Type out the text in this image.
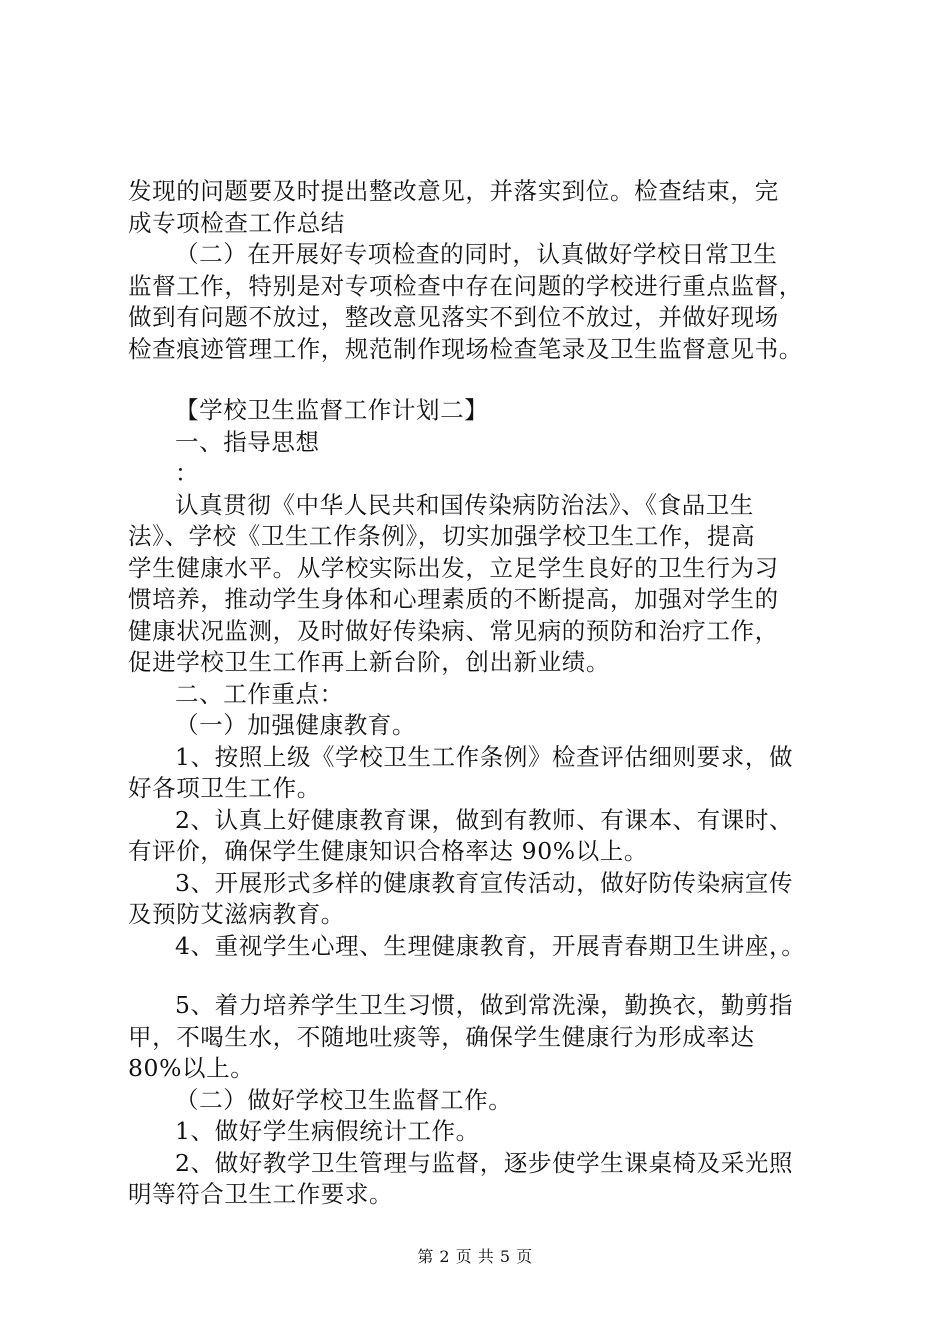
发现的问题要及时提出整改意见，并落实到位。检查结束，完
成专项检查工作总结
（二）在开展好专项检查的同时，认真做好学校日常卫生
监督工作，特别是对专项检查中存在问题的学校进行重点监督，
做到有问题不放过，整改意见落实不到位不放过，并做好现场
检查痕迹管理工作，规范制作现场检查笔录及卫生监督意见书。
【学校卫生监督工作计划二】
一、指导思想
：
认真贯彻《中华人民共和国传染病防治法》、《食品卫生
法》、学校《卫生工作条例》，切实加强学校卫生工作，提高
学生健康水平。从学校实际出发，立足学生良好的卫生行为习
惯培养，推动学生身体和心理素质的不断提高，加强对学生的
健康状况监测，及时做好传染病、常见病的预防和治疗工作，
促进学校卫生工作再上新台阶，创出新业绩。
二、工作重点：
（一）加强健康教育。
1、按照上级《学校卫生工作条例》检查评估细则要求，做
好各项卫生工作。
2、认真上好健康教育课，做到有教师、有课本、有课时、
有评价，确保学生健康知识合格率达 90%以上。
3、开展形式多样的健康教育宣传活动，做好防传染病宣传
及预防艾滋病教育。
4、重视学生心理、生理健康教育，开展青春期卫生讲座，。
5、着力培养学生卫生习惯，做到常洗澡，勤换衣，勤剪指
甲，不喝生水，不随地吐痰等，确保学生健康行为形成率达
80%以上。
（二）做好学校卫生监督工作。
1、做好学生病假统计工作。
2、做好教学卫生管理与监督，逐步使学生课桌椅及采光照
明等符合卫生工作要求。
第 2 页 共 5 页
